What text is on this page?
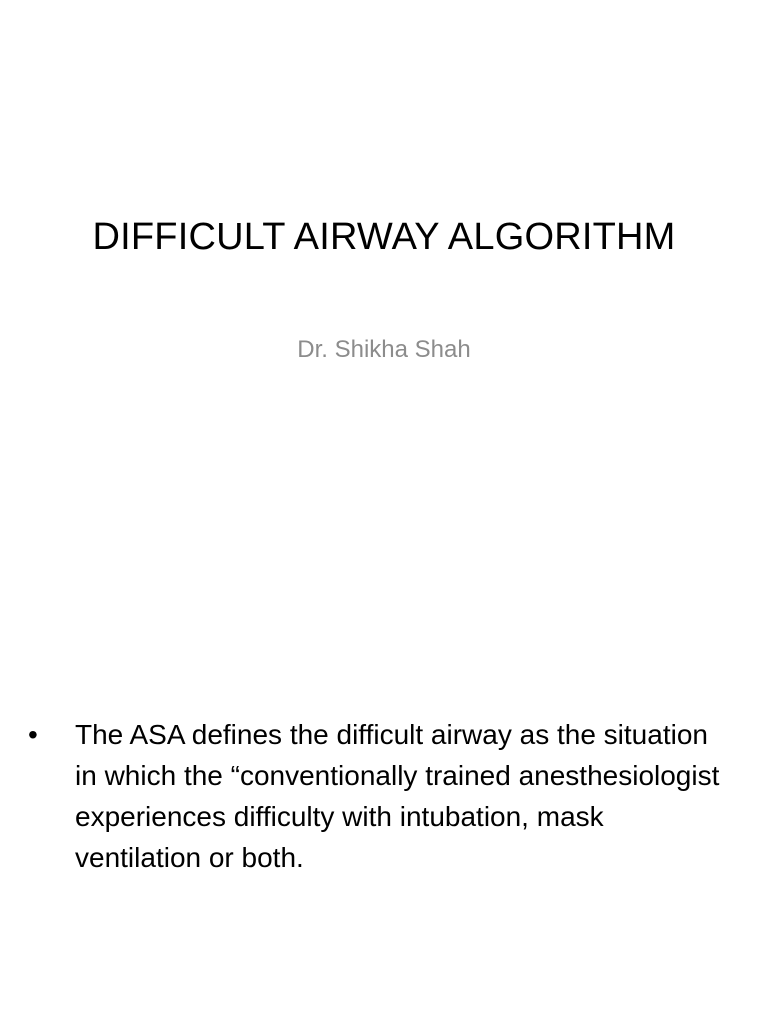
DIFFICULT AIRWAY ALGORITHM
Dr. Shikha Shah
• The ASA defines the difficult airway as the situation in which the “conventionally trained anesthesiologist experiences difficulty with intubation, mask ventilation or both.
